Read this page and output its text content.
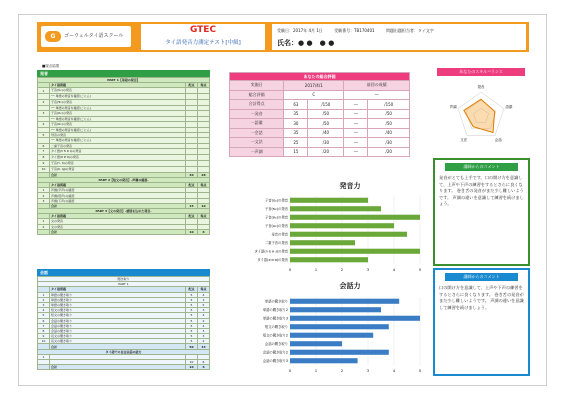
G	ゴーウェルタイ語スクール
GTEC
タイ語発音力測定テスト[中級]
受験日：2017年 4月 1日	受験番号：TB170401	問題出題担当者：タイ文字
氏名：● ●　● ●
■採点結果
発音
PART 1【単語の発音】			
	タイ語問題	配点	得点
1	子音(ปะ)の発音		
	── 単語の発音を確認(ごにん)		
2	子音(ขะ)の発音		
	── 単語の発音を確認(ごにん)		
3	子音(คะ)の発音		
	── 単語の発音を確認(ごにん)		
4	子音(ฉะ)の発音		
	── 単語の発音を確認(ごにん)		
5	母音の発音		
	── 単語の発音を確認(ごにん)		
6	二重子音の発音		
7	タイ語(ก ข ค ง)の発音		
8	タイ語(ส ศ ษ)の発音		
9	子音(ร, ล)の発音		
10	子音(ย, ญ)の発音		
	合計	40	28
PART 2【短文の発音】-声調の確認-			
	タイ語問題	配点	得点
1	声調(平声)の確認		
2	声調(低声)の確認		
3	声調(下声)の確認		
	合計	15	10
PART 3【文の発音】-感情を込めた発音-			
	タイ語問題	配点	得点
1	文の発音		
2	文の発音		
	合計	10	6
会話
聞き取り			
PART 1			
	タイ語問題	配点	得点
1	単語の聞き取り	5	4
2	単語の聞き取り	5	3
3	単語の聞き取り	5	5
4	短文の聞き取り	5	3
5	短文の聞き取り	5	4
6	会話の聞き取り	5	2
7	会話の聞き取り	5	4
8	会話の聞き取り	5	3
9	長文の聞き取り	5	3
10	長文の聞き取り	5	2
	合計	50	33
タイ語での自由会話の能力			
1			
		10	6
	合計	10	6
あなたの総合評価				
実施日	2017/4/1		前回の成績	
総合評価	C		―	
合計得点	63	/150	―	/150
一発音	35	/50	―	/50
一語彙	30	/50	―	/50
一会話	35	/40	―	/40
一文法	25	/30	―	/30
一声調	15	/20	―	/20
あなたのスキルバランス
発音
語彙
会話
文法
声調
発音力
0	1	2	3	4	5
子音(ปะ)の発音
子音(ขะ)の発音
子音(คะ)の発音
子音(ฉะ)の発音
母音の発音
二重子音の発音
タイ語(ก ข ค ง)の発音
タイ語(ส ศ ษ)の発音
会話力
0	1	2	3	4	5
単語の聞き取り
単語の聞き取り2
単語の聞き取り3
短文の聞き取り
短文の聞き取り2
会話の聞き取り
会話の聞き取り2
会話の聞き取り3
講師からのコメント
発音がとても上手です。口の開け方を意識して、上声や下声の練習をするとさらに良くなります。 巻き舌の発音がまだ少し難しいようです。 声調の違いを意識して練習を続けましょう。
講師からのコメント
口の開け方を意識して、上声や下声の練習をするとさらに良くなります。 巻き舌の発音がまだ少し難しいようです。 声調の違いを意識して練習を続けましょう。
